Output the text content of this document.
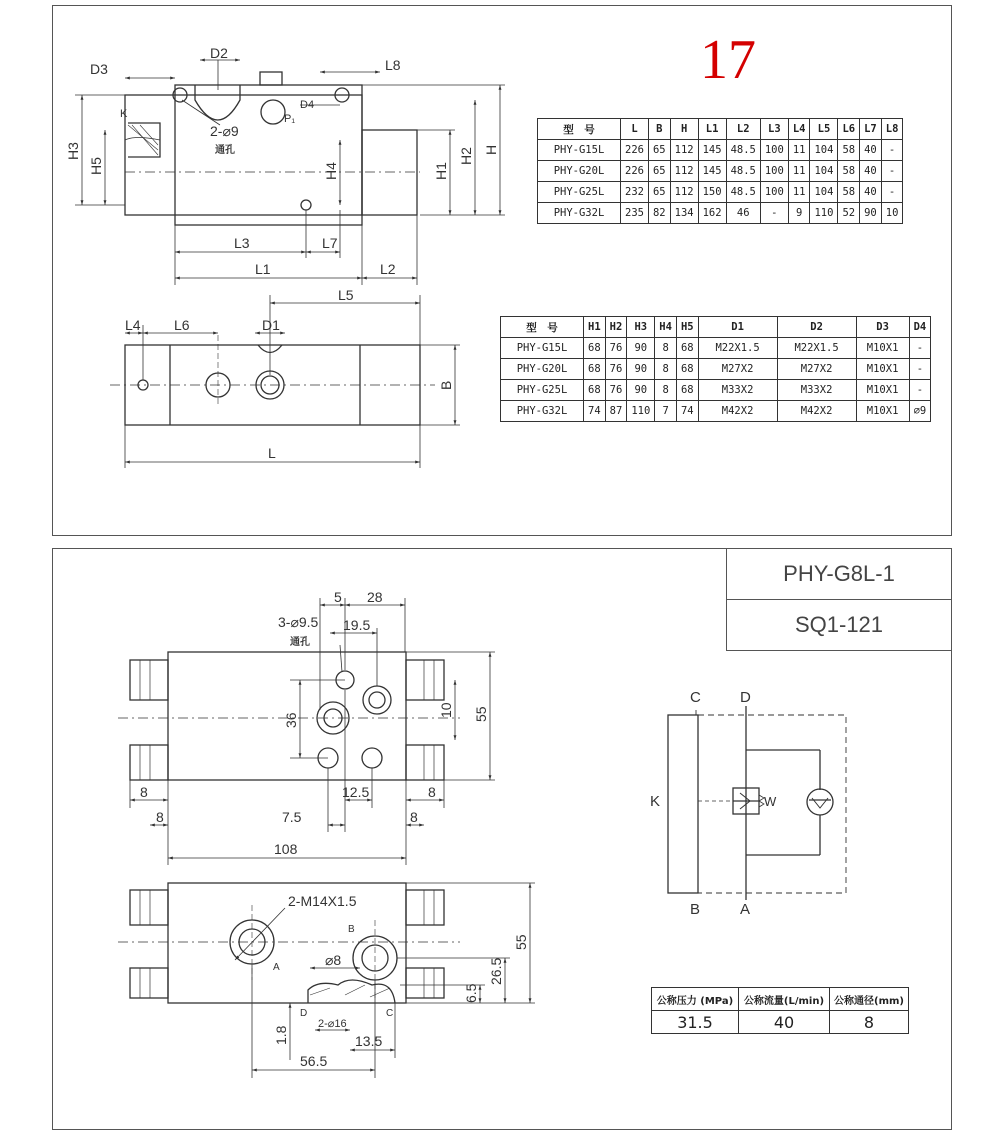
17
D3
D2
L8
D4
K	P₁
2-⌀9
通孔
H3
H5	H4	H1
H2 H
L3	L7
L1	L2
L5
L4 L6	D1
B
L
3-⌀9.5
通孔
5 28
19.5
36
10 55
8
8
8
8
12.5
7.5
108
2-M14X1.5
B
A	⌀8
55
26.5
6.5
D	C
2-⌀16
1.8	13.5
56.5
C	D
K	W
B	A
型　号	L	B	H	L1	L2	L3	L4	L5	L6	L7	L8
PHY-G15L	226	65	112	145	48.5	100	11	104	58	40	-
PHY-G20L	226	65	112	145	48.5	100	11	104	58	40	-
PHY-G25L	232	65	112	150	48.5	100	11	104	58	40	-
PHY-G32L	235	82	134	162	46	-	9	110	52	90	10
型　号	H1	H2	H3	H4	H5	D1	D2	D3	D4
PHY-G15L	68	76	90	8	68	M22X1.5	M22X1.5	M10X1	-
PHY-G20L	68	76	90	8	68	M27X2	M27X2	M10X1	-
PHY-G25L	68	76	90	8	68	M33X2	M33X2	M10X1	-
PHY-G32L	74	87	110	7	74	M42X2	M42X2	M10X1	⌀9
PHY-G8L-1
SQ1-121
公称压力 (MPa)	公称流量(L/min)	公称通径(mm)
31.5	40	8
